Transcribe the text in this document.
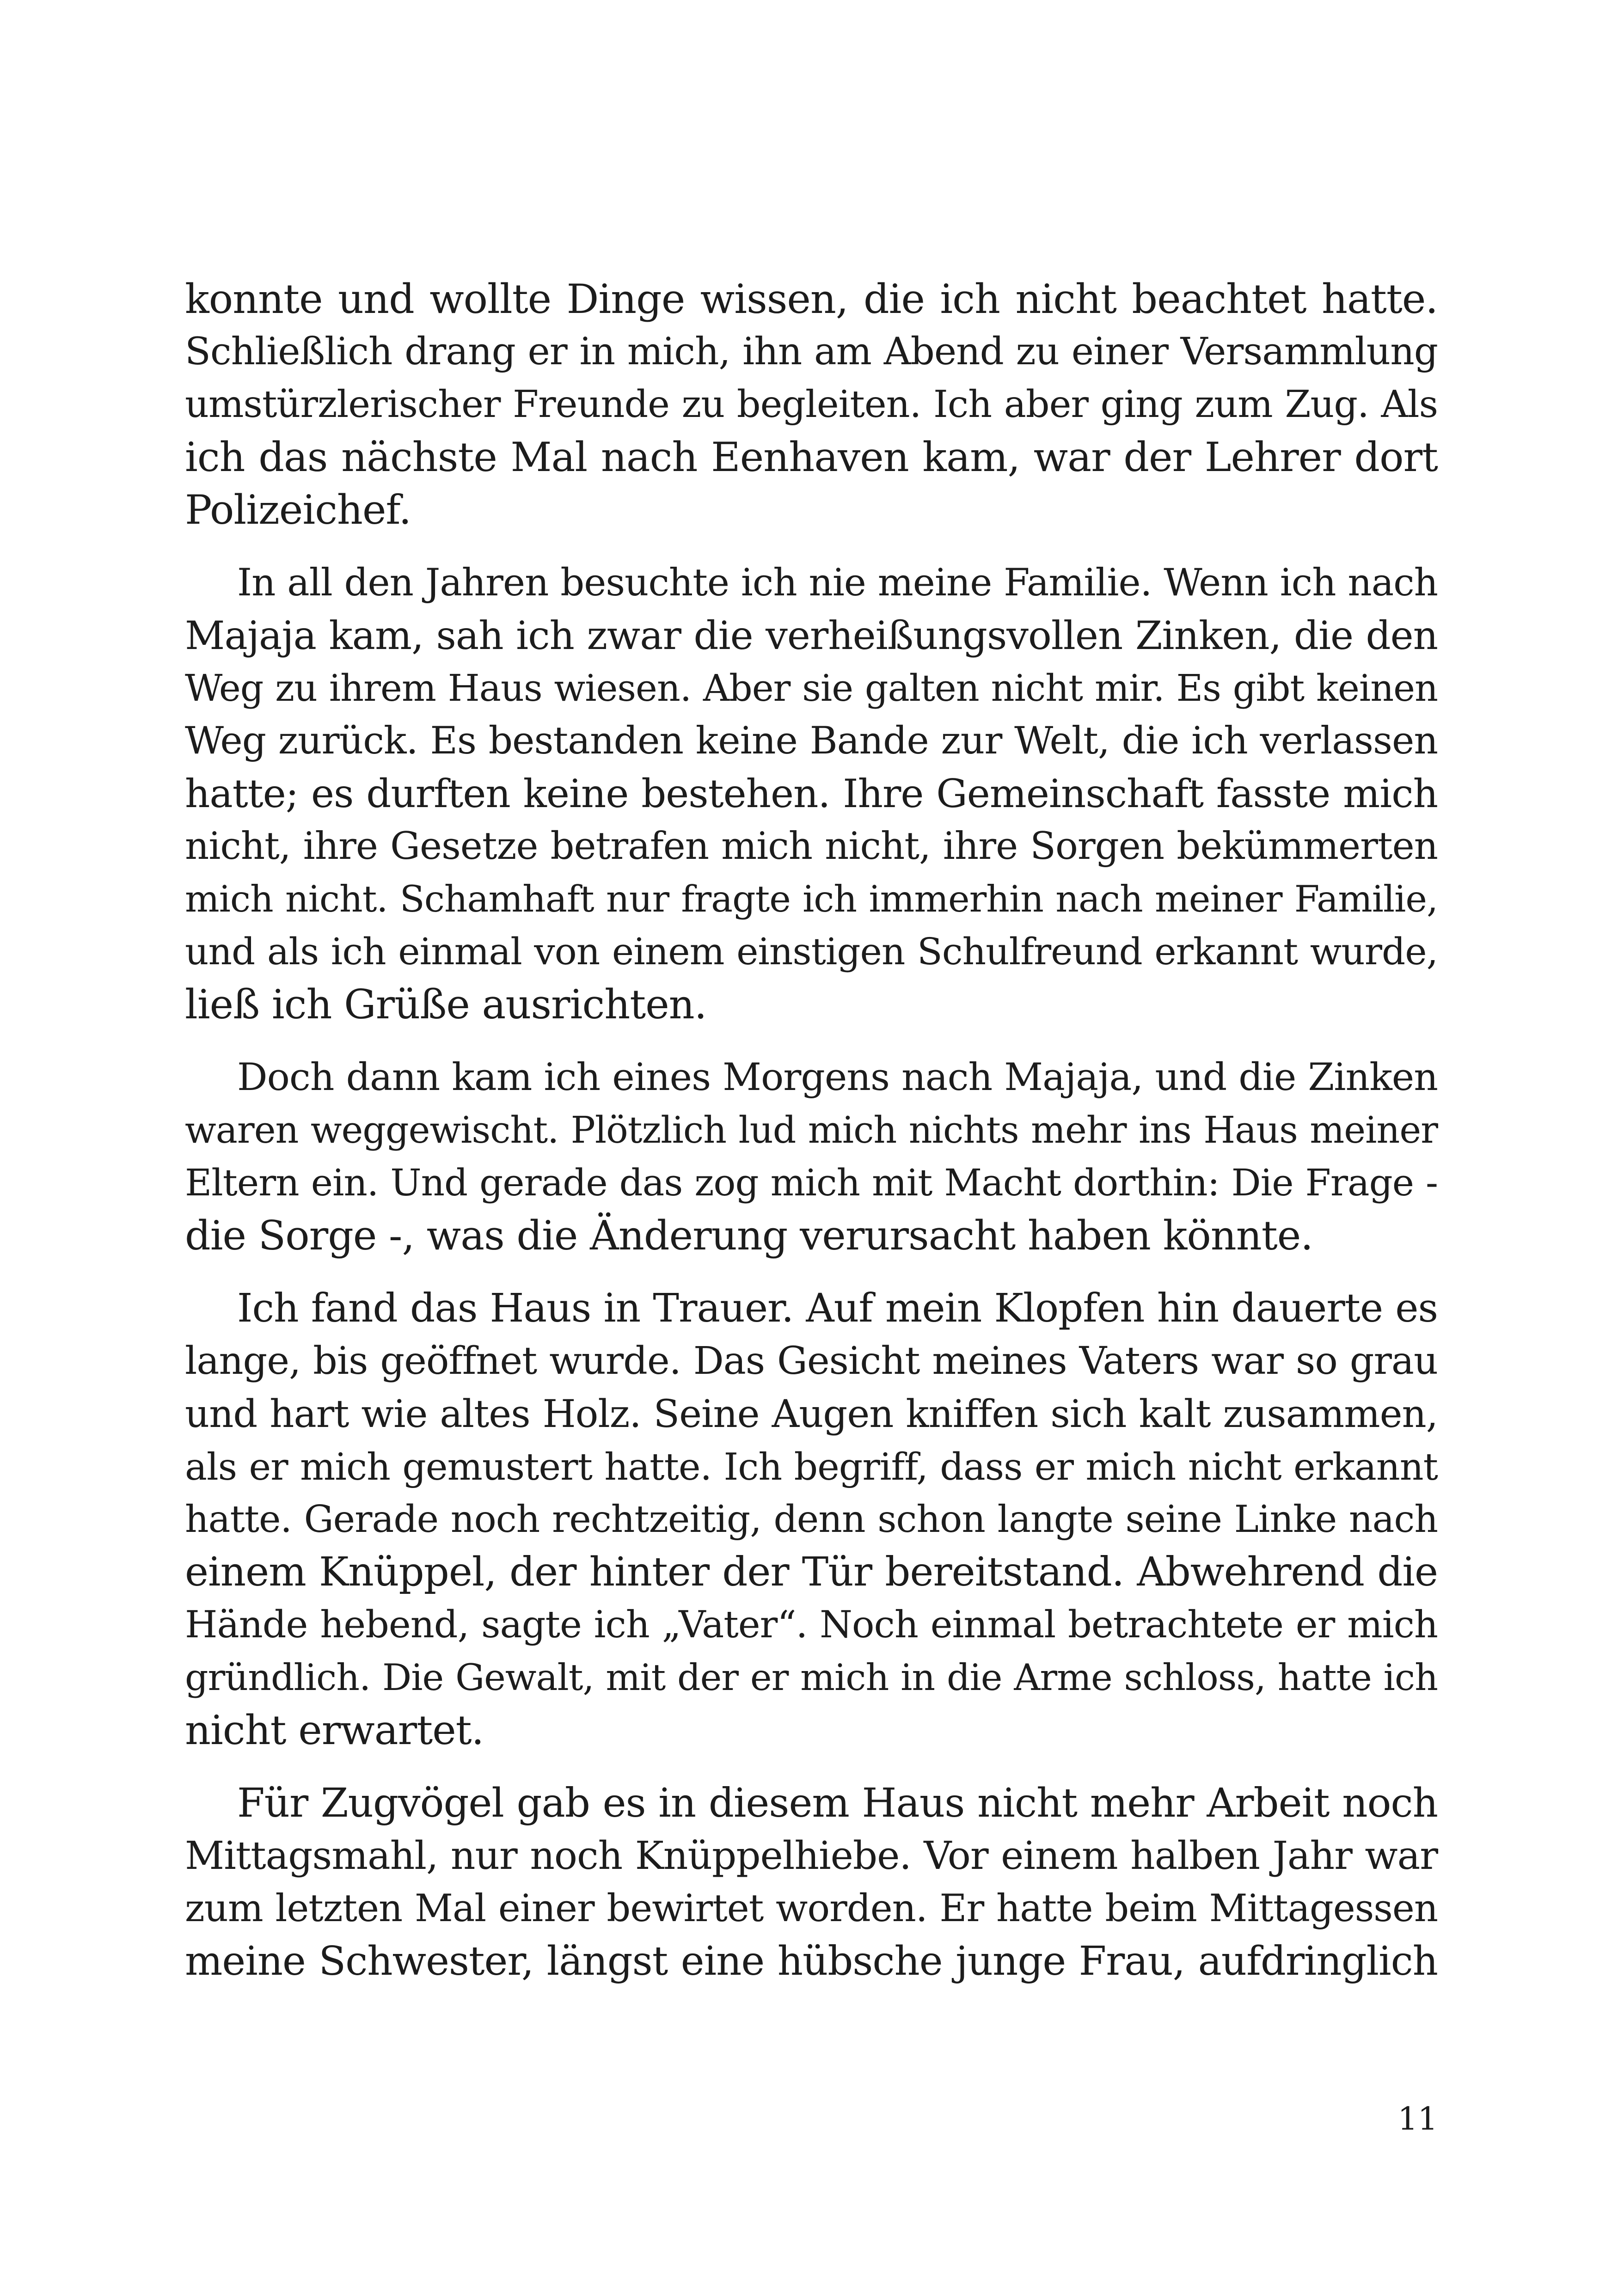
konnte und wollte Dinge wissen, die ich nicht beachtet hatte.
Schließlich drang er in mich, ihn am Abend zu einer Versammlung
umstürzlerischer Freunde zu begleiten. Ich aber ging zum Zug. Als
ich das nächste Mal nach Eenhaven kam, war der Lehrer dort
Polizeichef.
In all den Jahren besuchte ich nie meine Familie. Wenn ich nach
Majaja kam, sah ich zwar die verheißungsvollen Zinken, die den
Weg zu ihrem Haus wiesen. Aber sie galten nicht mir. Es gibt keinen
Weg zurück. Es bestanden keine Bande zur Welt, die ich verlassen
hatte; es durften keine bestehen. Ihre Gemeinschaft fasste mich
nicht, ihre Gesetze betrafen mich nicht, ihre Sorgen bekümmerten
mich nicht. Schamhaft nur fragte ich immerhin nach meiner Familie,
und als ich einmal von einem einstigen Schulfreund erkannt wurde,
ließ ich Grüße ausrichten.
Doch dann kam ich eines Morgens nach Majaja, und die Zinken
waren weggewischt. Plötzlich lud mich nichts mehr ins Haus meiner
Eltern ein. Und gerade das zog mich mit Macht dorthin: Die Frage -
die Sorge -, was die Änderung verursacht haben könnte.
Ich fand das Haus in Trauer. Auf mein Klopfen hin dauerte es
lange, bis geöffnet wurde. Das Gesicht meines Vaters war so grau
und hart wie altes Holz. Seine Augen kniffen sich kalt zusammen,
als er mich gemustert hatte. Ich begriff, dass er mich nicht erkannt
hatte. Gerade noch rechtzeitig, denn schon langte seine Linke nach
einem Knüppel, der hinter der Tür bereitstand. Abwehrend die
Hände hebend, sagte ich „Vater“. Noch einmal betrachtete er mich
gründlich. Die Gewalt, mit der er mich in die Arme schloss, hatte ich
nicht erwartet.
Für Zugvögel gab es in diesem Haus nicht mehr Arbeit noch
Mittagsmahl, nur noch Knüppelhiebe. Vor einem halben Jahr war
zum letzten Mal einer bewirtet worden. Er hatte beim Mittagessen
meine Schwester, längst eine hübsche junge Frau, aufdringlich
11
